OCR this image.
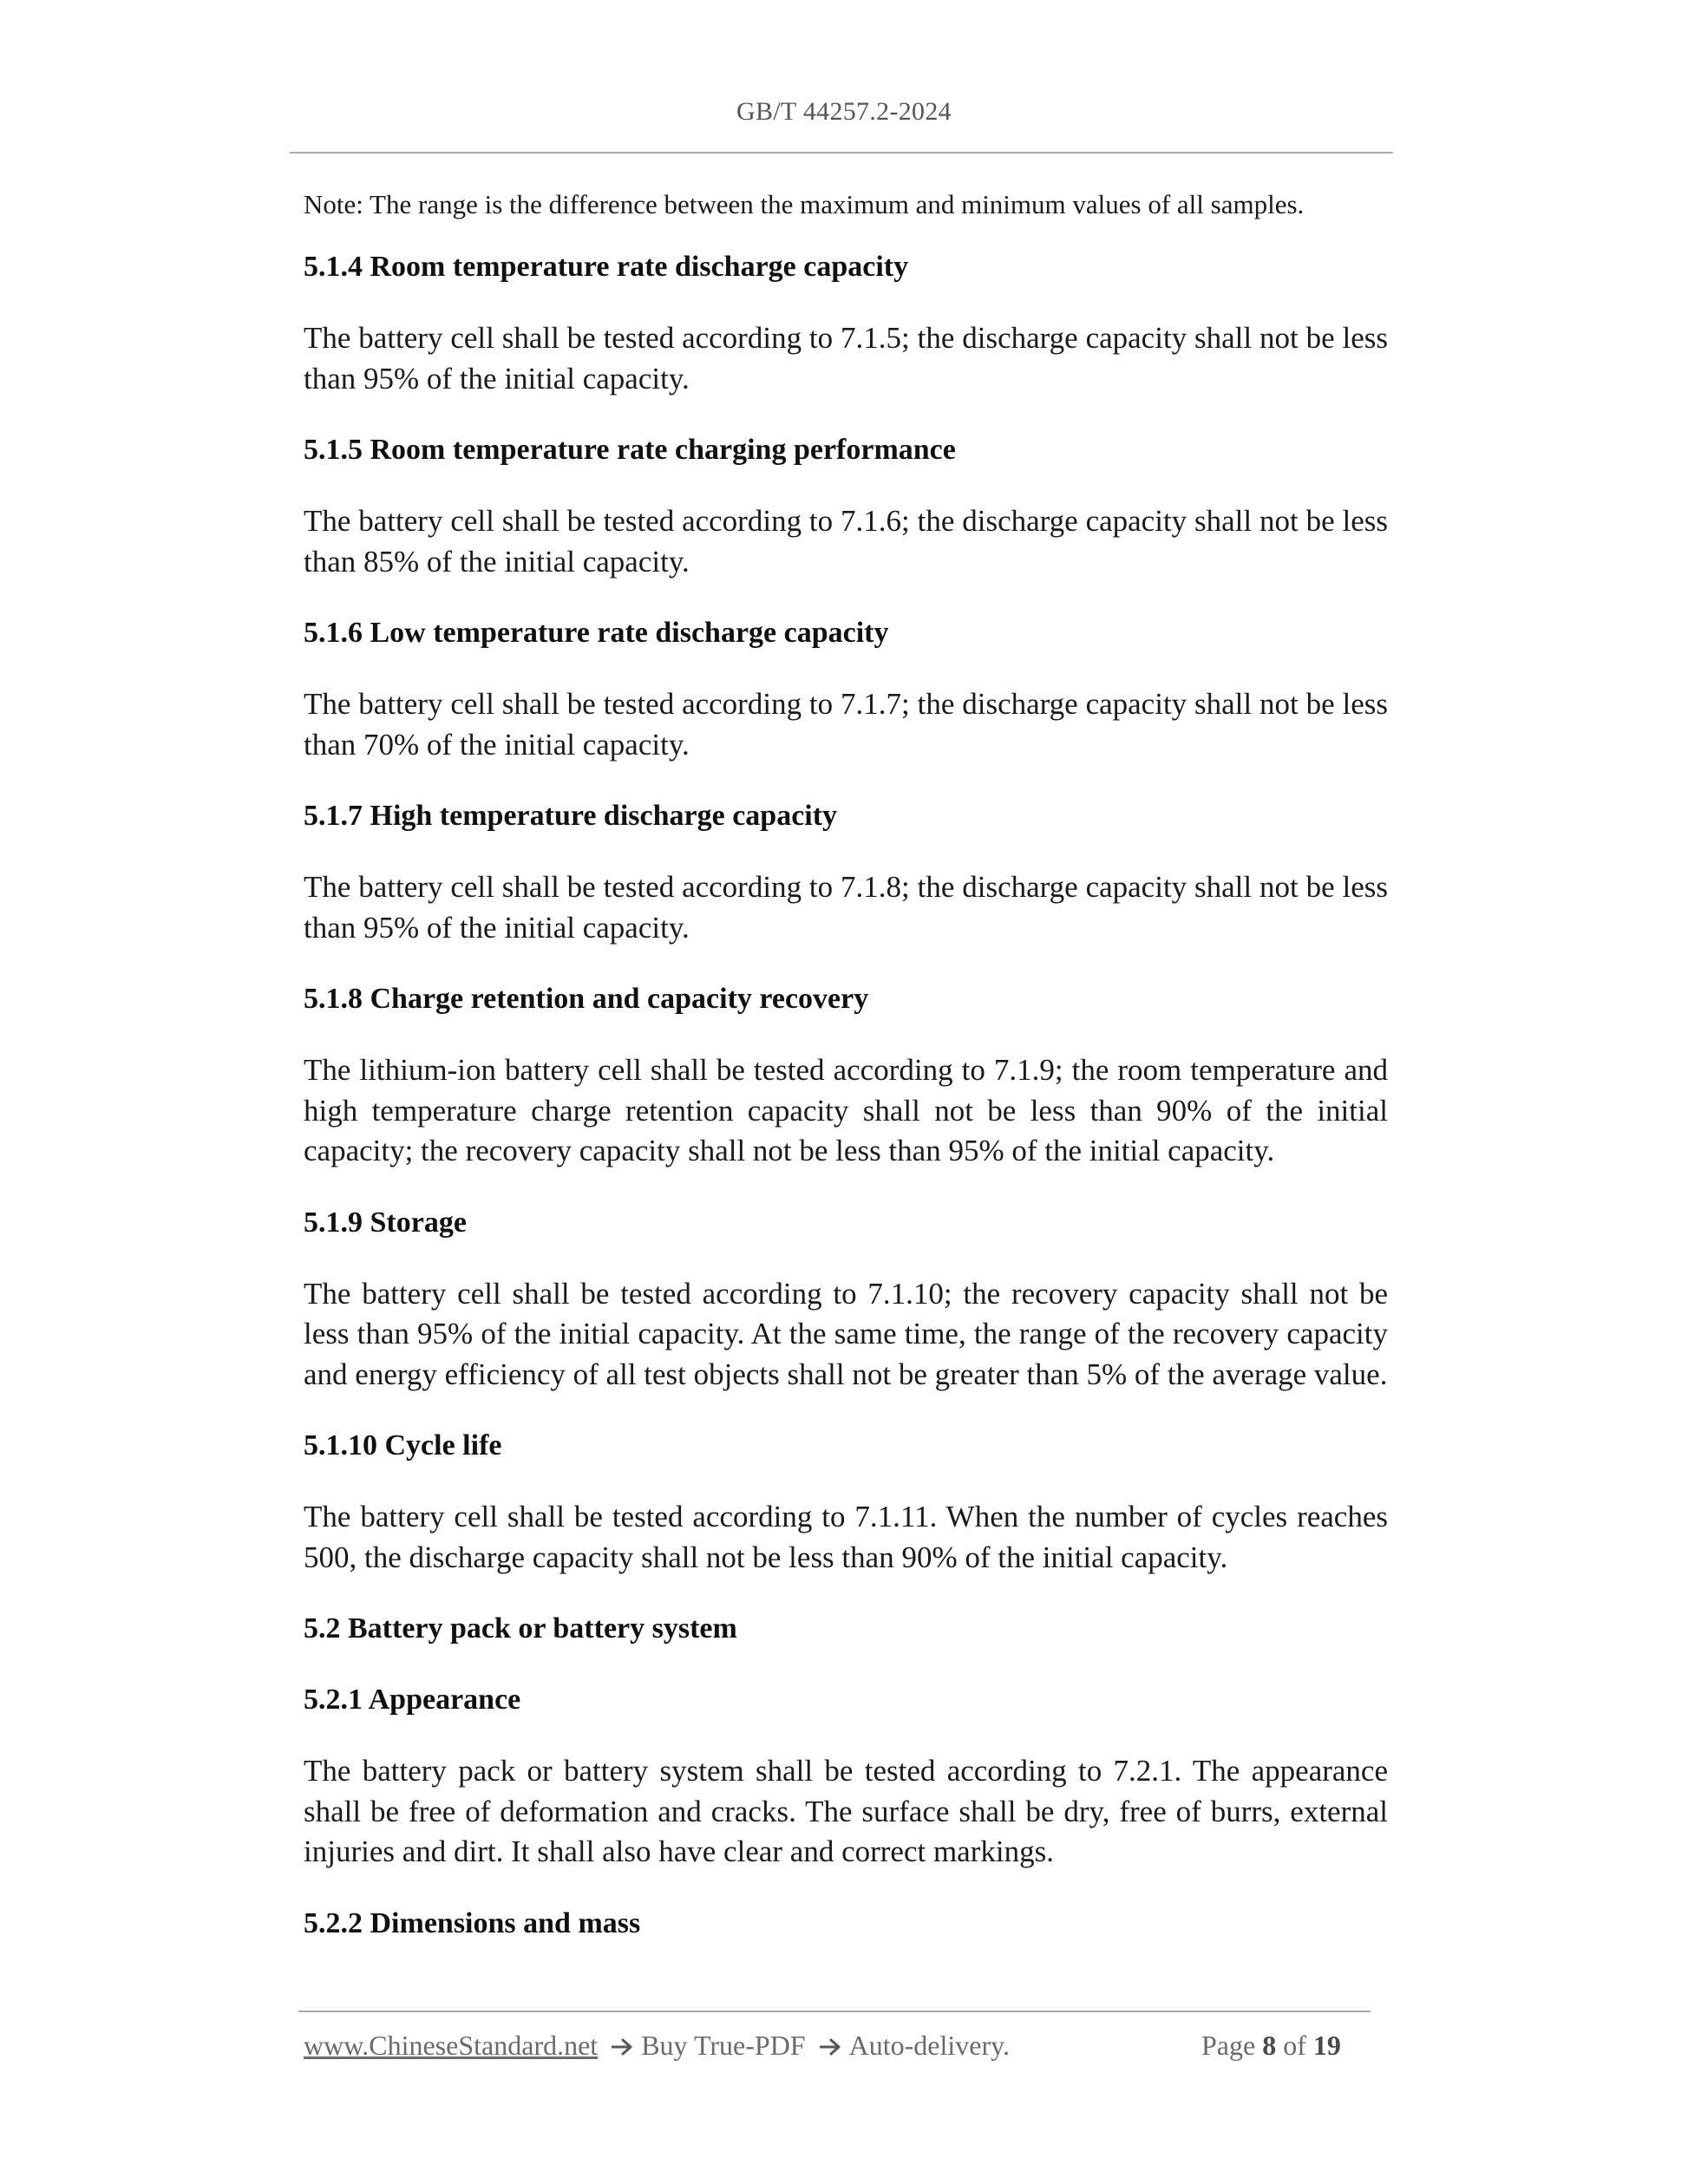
GB/T 44257.2-2024

Note: The range is the difference between the maximum and minimum values of all samples.

5.1.4 Room temperature rate discharge capacity

The battery cell shall be tested according to 7.1.5; the discharge capacity shall not be less than 95% of the initial capacity.

5.1.5 Room temperature rate charging performance

The battery cell shall be tested according to 7.1.6; the discharge capacity shall not be less than 85% of the initial capacity.

5.1.6 Low temperature rate discharge capacity

The battery cell shall be tested according to 7.1.7; the discharge capacity shall not be less than 70% of the initial capacity.

5.1.7 High temperature discharge capacity

The battery cell shall be tested according to 7.1.8; the discharge capacity shall not be less than 95% of the initial capacity.

5.1.8 Charge retention and capacity recovery

The lithium-ion battery cell shall be tested according to 7.1.9; the room temperature and high temperature charge retention capacity shall not be less than 90% of the initial capacity; the recovery capacity shall not be less than 95% of the initial capacity.

5.1.9 Storage

The battery cell shall be tested according to 7.1.10; the recovery capacity shall not be less than 95% of the initial capacity. At the same time, the range of the recovery capacity and energy efficiency of all test objects shall not be greater than 5% of the average value.

5.1.10 Cycle life

The battery cell shall be tested according to 7.1.11. When the number of cycles reaches 500, the discharge capacity shall not be less than 90% of the initial capacity.

5.2 Battery pack or battery system

5.2.1 Appearance

The battery pack or battery system shall be tested according to 7.2.1. The appearance shall be free of deformation and cracks. The surface shall be dry, free of burrs, external injuries and dirt. It shall also have clear and correct markings.

5.2.2 Dimensions and mass

www.ChineseStandard.net Buy True-PDF Auto-delivery.	Page 8 of 19
